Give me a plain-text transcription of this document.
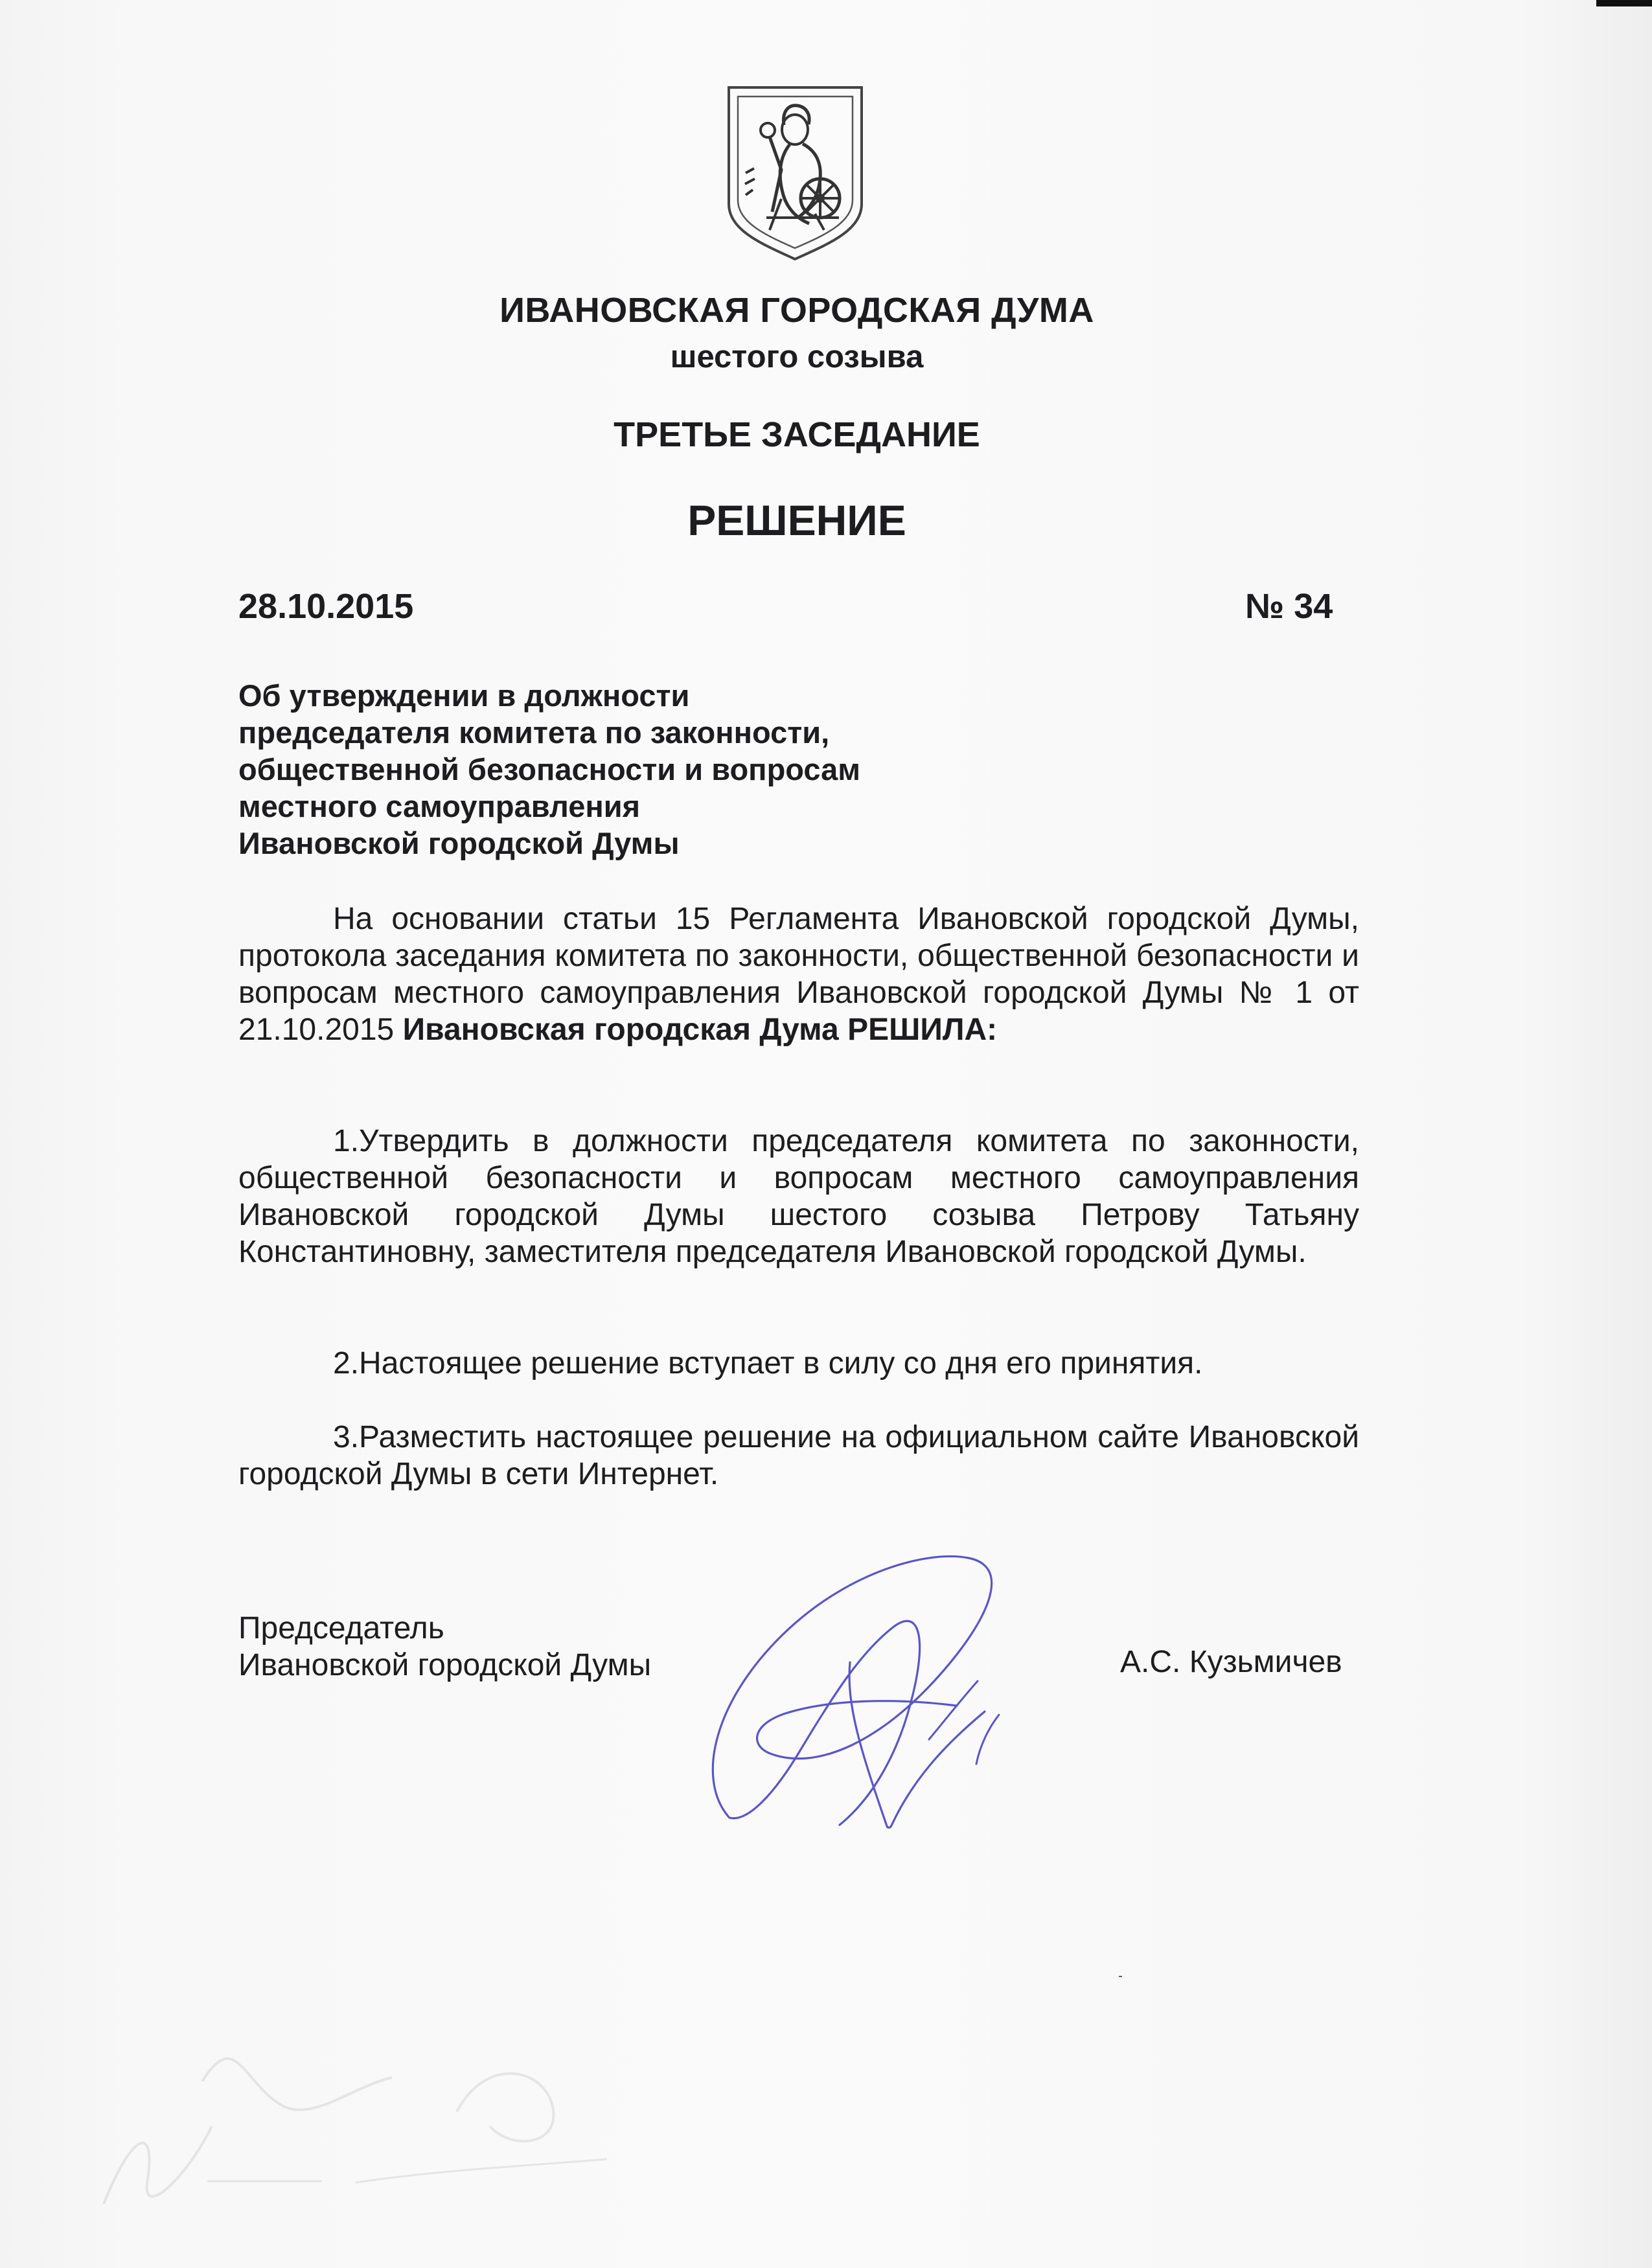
ИВАНОВСКАЯ ГОРОДСКАЯ ДУМА
шестого созыва
ТРЕТЬЕ ЗАСЕДАНИЕ
РЕШЕНИЕ
28.10.2015	№ 34
Об утверждении в должности
председателя комитета по законности,
общественной безопасности и вопросам
местного самоуправления
Ивановской городской Думы
На основании статьи 15 Регламента Ивановской городской Думы, протокола заседания комитета по законности, общественной безопасности и вопросам местного самоуправления Ивановской городской Думы № 1 от 21.10.2015 Ивановская городская Дума РЕШИЛА:
1.Утвердить в должности председателя комитета по законности, общественной безопасности и вопросам местного самоуправления Ивановской городской Думы шестого созыва Петрову Татьяну Константиновну, заместителя председателя Ивановской городской Думы.
2.Настоящее решение вступает в силу со дня его принятия.
3.Разместить настоящее решение на официальном сайте Ивановской городской Думы в сети Интернет.
Председатель
Ивановской городской Думы	А.С. Кузьмичев
